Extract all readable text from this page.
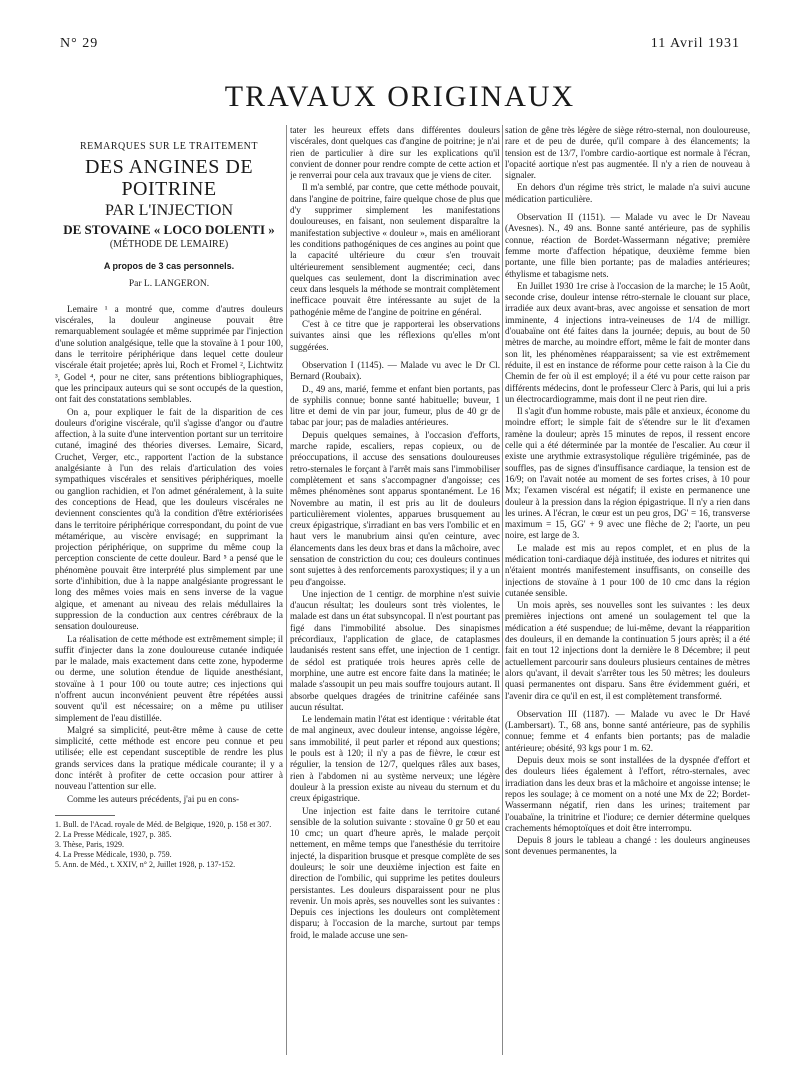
N° 29	11 Avril 1931
TRAVAUX ORIGINAUX
REMARQUES SUR LE TRAITEMENT
DES ANGINES DE POITRINE
PAR L'INJECTION
DE STOVAINE « LOCO DOLENTI »
(MÉTHODE DE LEMAIRE)
A propos de 3 cas personnels.
Par L. LANGERON.

Lemaire ¹ a montré que, comme d'autres douleurs viscérales, la douleur angineuse pouvait être remarquablement soulagée et même supprimée par l'injection d'une solution analgésique, telle que la stovaïne à 1 pour 100, dans le territoire périphérique dans lequel cette douleur viscérale était projetée; après lui, Roch et Fromel ², Lichtwitz ³, Godel ⁴, pour ne citer, sans prétentions bibliographiques, que les principaux auteurs qui se sont occupés de la question, ont fait des constatations semblables.

On a, pour expliquer le fait de la disparition de ces douleurs d'origine viscérale, qu'il s'agisse d'angor ou d'autre affection, à la suite d'une intervention portant sur un territoire cutané, imaginé des théories diverses. Lemaire, Sicard, Cruchet, Verger, etc., rapportent l'action de la substance analgésiante à l'un des relais d'articulation des voies sympathiques viscérales et sensitives périphériques, moelle ou ganglion rachidien, et l'on admet généralement, à la suite des conceptions de Head, que les douleurs viscérales ne deviennent conscientes qu'à la condition d'être extériorisées dans le territoire périphérique correspondant, du point de vue métamérique, au viscère envisagé; en supprimant la projection périphérique, on supprime du même coup la perception consciente de cette douleur. Bard ⁵ a pensé que le phénomène pouvait être interprété plus simplement par une sorte d'inhibition, due à la nappe analgésiante progressant le long des mêmes voies mais en sens inverse de la vague algique, et amenant au niveau des relais médullaires la suppression de la conduction aux centres cérébraux de la sensation douloureuse.

La réalisation de cette méthode est extrêmement simple; il suffit d'injecter dans la zone douloureuse cutanée indiquée par le malade, mais exactement dans cette zone, hypoderme ou derme, une solution étendue de liquide anesthésiant, stovaïne à 1 pour 100 ou toute autre; ces injections qui n'offrent aucun inconvénient peuvent être répétées aussi souvent qu'il est nécessaire; on a même pu utiliser simplement de l'eau distillée.

Malgré sa simplicité, peut-être même à cause de cette simplicité, cette méthode est encore peu connue et peu utilisée; elle est cependant susceptible de rendre les plus grands services dans la pratique médicale courante; il y a donc intérêt à profiter de cette occasion pour attirer à nouveau l'attention sur elle.

Comme les auteurs précédents, j'ai pu en cons-

1. Bull. de l'Acad. royale de Méd. de Belgique, 1920, p. 158 et 307.

2. La Presse Médicale, 1927, p. 385.

3. Thèse, Paris, 1929.

4. La Presse Médicale, 1930, p. 759.

5. Ann. de Méd., t. XXIV, n° 2, Juillet 1928, p. 137-152.

tater les heureux effets dans différentes douleurs viscérales, dont quelques cas d'angine de poitrine; je n'ai rien de particulier à dire sur les explications qu'il convient de donner pour rendre compte de cette action et je renverrai pour cela aux travaux que je viens de citer.

Il m'a semblé, par contre, que cette méthode pouvait, dans l'angine de poitrine, faire quelque chose de plus que d'y supprimer simplement les manifestations douloureuses, en faisant, non seulement disparaître la manifestation subjective « douleur », mais en améliorant les conditions pathogéniques de ces angines au point que la capacité ultérieure du cœur s'en trouvait ultérieurement sensiblement augmentée; ceci, dans quelques cas seulement, dont la discrimination avec ceux dans lesquels la méthode se montrait complètement inefficace pouvait être intéressante au sujet de la pathogénie même de l'angine de poitrine en général.

C'est à ce titre que je rapporterai les observations suivantes ainsi que les réflexions qu'elles m'ont suggérées.

Observation I (1145). — Malade vu avec le Dr Cl. Bernard (Roubaix).

D., 49 ans, marié, femme et enfant bien portants, pas de syphilis connue; bonne santé habituelle; buveur, 1 litre et demi de vin par jour, fumeur, plus de 40 gr de tabac par jour; pas de maladies antérieures.

Depuis quelques semaines, à l'occasion d'efforts, marche rapide, escaliers, repas copieux, ou de préoccupations, il accuse des sensations douloureuses retro-sternales le forçant à l'arrêt mais sans l'immobiliser complètement et sans s'accompagner d'angoisse; ces mêmes phénomènes sont apparus spontanément. Le 16 Novembre au matin, il est pris au lit de douleurs particulièrement violentes, apparues brusquement au creux épigastrique, s'irradiant en bas vers l'ombilic et en haut vers le manubrium ainsi qu'en ceinture, avec élancements dans les deux bras et dans la mâchoire, avec sensation de constriction du cou; ces douleurs continues sont sujettes à des renforcements paroxystiques; il y a un peu d'angoisse.

Une injection de 1 centigr. de morphine n'est suivie d'aucun résultat; les douleurs sont très violentes, le malade est dans un état subsyncopal. Il n'est pourtant pas figé dans l'immobilité absolue. Des sinapismes précordiaux, l'application de glace, de cataplasmes laudanisés restent sans effet, une injection de 1 centigr. de sédol est pratiquée trois heures après celle de morphine, une autre est encore faite dans la matinée; le malade s'assoupit un peu mais souffre toujours autant. Il absorbe quelques dragées de trinitrine caféinée sans aucun résultat.

Le lendemain matin l'état est identique : véritable état de mal angineux, avec douleur intense, angoisse légère, sans immobilité, il peut parler et répond aux questions; le pouls est à 120; il n'y a pas de fièvre, le cœur est régulier, la tension de 12/7, quelques râles aux bases, rien à l'abdomen ni au système nerveux; une légère douleur à la pression existe au niveau du sternum et du creux épigastrique.

Une injection est faite dans le territoire cutané sensible de la solution suivante : stovaïne 0 gr 50 et eau 10 cmc; un quart d'heure après, le malade perçoit nettement, en même temps que l'anesthésie du territoire injecté, la disparition brusque et presque complète de ses douleurs; le soir une deuxième injection est faite en direction de l'ombilic, qui supprime les petites douleurs persistantes. Les douleurs disparaissent pour ne plus revenir. Un mois après, ses nouvelles sont les suivantes : Depuis ces injections les douleurs ont complètement disparu; à l'occasion de la marche, surtout par temps froid, le malade accuse une sen-

sation de gêne très légère de siège rétro-sternal, non douloureuse, rare et de peu de durée, qu'il compare à des élancements; la tension est de 13/7, l'ombre cardio-aortique est normale à l'écran, l'opacité aortique n'est pas augmentée. Il n'y a rien de nouveau à signaler.

En dehors d'un régime très strict, le malade n'a suivi aucune médication particulière.

Observation II (1151). — Malade vu avec le Dr Naveau (Avesnes). N., 49 ans. Bonne santé antérieure, pas de syphilis connue, réaction de Bordet-Wassermann négative; première femme morte d'affection hépatique, deuxième femme bien portante, une fille bien portante; pas de maladies antérieures; éthylisme et tabagisme nets.

En Juillet 1930 1re crise à l'occasion de la marche; le 15 Août, seconde crise, douleur intense rétro-sternale le clouant sur place, irradiée aux deux avant-bras, avec angoisse et sensation de mort imminente, 4 injections intra-veineuses de 1/4 de milligr. d'ouabaïne ont été faites dans la journée; depuis, au bout de 50 mètres de marche, au moindre effort, même le fait de monter dans son lit, les phénomènes réapparaissent; sa vie est extrêmement réduite, il est en instance de réforme pour cette raison à la Cie du Chemin de fer où il est employé; il a été vu pour cette raison par différents médecins, dont le professeur Clerc à Paris, qui lui a pris un électrocardiogramme, mais dont il ne peut rien dire.

Il s'agit d'un homme robuste, mais pâle et anxieux, économe du moindre effort; le simple fait de s'étendre sur le lit d'examen ramène la douleur; après 15 minutes de repos, il ressent encore celle qui a été déterminée par la montée de l'escalier. Au cœur il existe une arythmie extrasystolique régulière trigéminée, pas de souffles, pas de signes d'insuffisance cardiaque, la tension est de 16/9; on l'avait notée au moment de ses fortes crises, à 10 pour Mx; l'examen viscéral est négatif; il existe en permanence une douleur à la pression dans la région épigastrique. Il n'y a rien dans les urines. A l'écran, le cœur est un peu gros, DG' = 16, transverse maximum = 15, GG' + 9 avec une flèche de 2; l'aorte, un peu noire, est large de 3.

Le malade est mis au repos complet, et en plus de la médication toni-cardiaque déjà instituée, des iodures et nitrites qui n'étaient montrés manifestement insuffisants, on conseille des injections de stovaïne à 1 pour 100 de 10 cmc dans la région cutanée sensible.

Un mois après, ses nouvelles sont les suivantes : les deux premières injections ont amené un soulagement tel que la médication a été suspendue; de lui-même, devant la réapparition des douleurs, il en demande la continuation 5 jours après; il a été fait en tout 12 injections dont la dernière le 8 Décembre; il peut actuellement parcourir sans douleurs plusieurs centaines de mètres alors qu'avant, il devait s'arrêter tous les 50 mètres; les douleurs quasi permanentes ont disparu. Sans être évidemment guéri, et l'avenir dira ce qu'il en est, il est complètement transformé.

Observation III (1187). — Malade vu avec le Dr Havé (Lambersart). T., 68 ans, bonne santé antérieure, pas de syphilis connue; femme et 4 enfants bien portants; pas de maladie antérieure; obésité, 93 kgs pour 1 m. 62.

Depuis deux mois se sont installées de la dyspnée d'effort et des douleurs liées également à l'effort, rétro-sternales, avec irradiation dans les deux bras et la mâchoire et angoisse intense; le repos les soulage; à ce moment on a noté une Mx de 22; Bordet-Wassermann négatif, rien dans les urines; traitement par l'ouabaïne, la trinitrine et l'iodure; ce dernier détermine quelques crachements hémoptoïques et doit être interrompu.

Depuis 8 jours le tableau a changé : les douleurs angineuses sont devenues permanentes, la
